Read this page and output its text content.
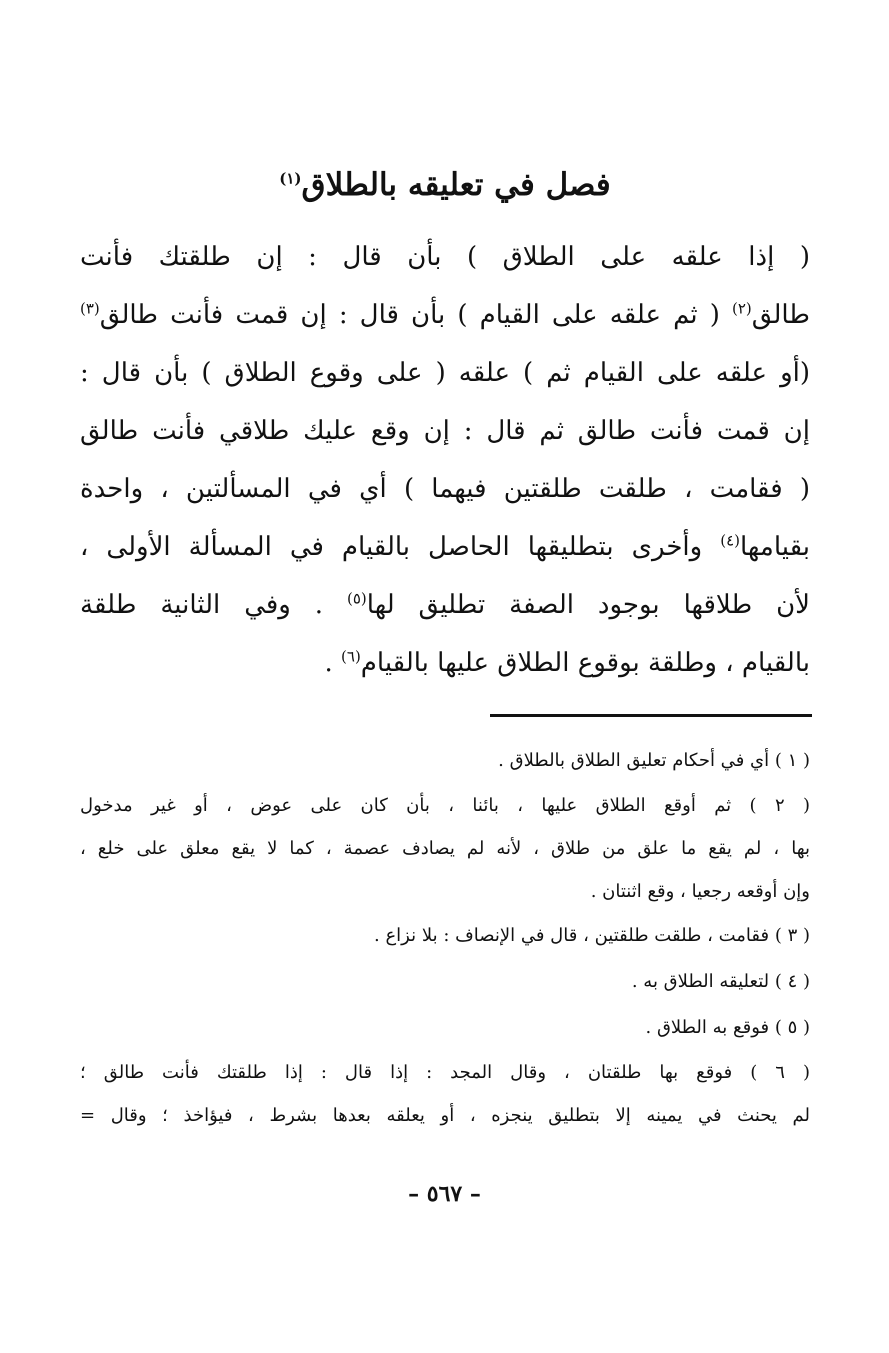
فصل في تعليقه بالطلاق$^{(١)}$
( إذا علقه على الطلاق ) بأن قال : إن طلقتك فأنت
طالق$^{(٢)}$ ( ثم علقه على القيام ) بأن قال : إن قمت فأنت طالق$^{(٣)}$
(أو علقه على القيام ثم ) علقه ( على وقوع الطلاق ) بأن قال :
إن قمت فأنت طالق ثم قال : إن وقع عليك طلاقي فأنت طالق
( فقامت ، طلقت طلقتين فيهما ) أي في المسألتين ، واحدة
بقيامها$^{(٤)}$ وأخرى بتطليقها الحاصل بالقيام في المسألة الأولى ،
لأن طلاقها بوجود الصفة تطليق لها$^{(٥)}$ . وفي الثانية طلقة
بالقيام ، وطلقة بوقوع الطلاق عليها بالقيام$^{(٦)}$ .
( ١ ) أي في أحكام تعليق الطلاق بالطلاق .
( ٢ ) ثم أوقع الطلاق عليها ، بائنا ، بأن كان على عوض ، أو غير مدخول
بها ، لم يقع ما علق من طلاق ، لأنه لم يصادف عصمة ، كما لا يقع معلق على خلع ،
وإن أوقعه رجعيا ، وقع اثنتان .
( ٣ ) فقامت ، طلقت طلقتين ، قال في الإنصاف : بلا نزاع .
( ٤ ) لتعليقه الطلاق به .
( ٥ ) فوقع به الطلاق .
( ٦ ) فوقع بها طلقتان ، وقال المجد : إذا قال : إذا طلقتك فأنت طالق ؛
لم يحنث في يمينه إلا بتطليق ينجزه ، أو يعلقه بعدها بشرط ، فيؤاخذ ؛ وقال =
– ٥٦٧ –
